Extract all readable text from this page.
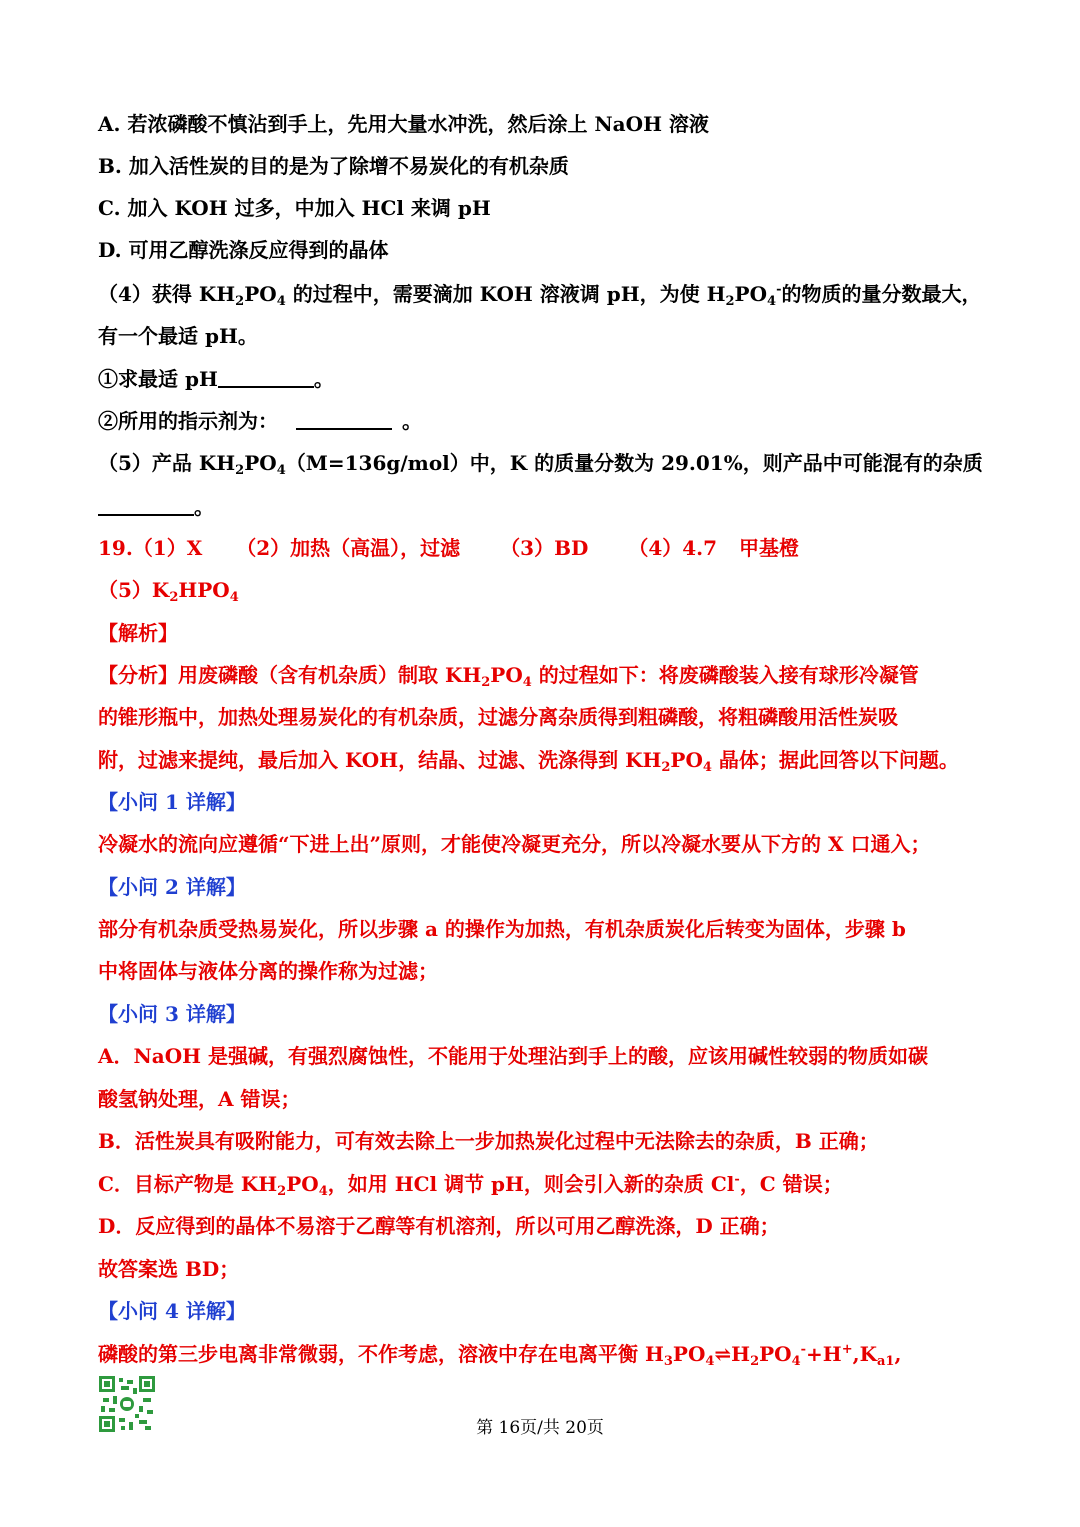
A. 若浓磷酸不慎沾到手上，先用大量水冲洗，然后涂上 NaOH 溶液
B. 加入活性炭的目的是为了除增不易炭化的有机杂质
C. 加入 KOH 过多，中加入 HCl 来调 pH
D. 可用乙醇洗涤反应得到的晶体
（4）获得 $KH_2PO_4$ 的过程中，需要滴加 KOH 溶液调 pH，为使 $H_2PO_4^-$的物质的量分数最大，
有一个最适 pH。
①求最适 pH	。
②所用的指示剂为：	。
（5）产品 $KH_2PO_4(M=136g/mol)$中，K 的质量分数为 29.01%，则产品中可能混有的杂质
。
19.（1）X （2）加热（高温），过滤 （3）BD （4）4.7 甲基橙
$(5)K_2HPO_4$
【解析】
【分析】用废磷酸（含有机杂质）制取 $KH_2PO_4$ 的过程如下：将废磷酸装入接有球形冷凝管
的锥形瓶中，加热处理易炭化的有机杂质，过滤分离杂质得到粗磷酸，将粗磷酸用活性炭吸
附，过滤来提纯，最后加入 KOH，结晶、过滤、洗涤得到 $KH_2PO_4$ 晶体；据此回答以下问题。
【小问 1 详解】
冷凝水的流向应遵循“下进上出”原则，才能使冷凝更充分，所以冷凝水要从下方的 X 口通入；
【小问 2 详解】
部分有机杂质受热易炭化，所以步骤 a 的操作为加热，有机杂质炭化后转变为固体，步骤 b
中将固体与液体分离的操作称为过滤；
【小问 3 详解】
A．NaOH 是强碱，有强烈腐蚀性，不能用于处理沾到手上的酸，应该用碱性较弱的物质如碳
酸氢钠处理，A 错误；
B．活性炭具有吸附能力，可有效去除上一步加热炭化过程中无法除去的杂质，B 正确；
C．目标产物是 $KH_2PO_4$，如用 HCl 调节 pH，则会引入新的杂质 Cl-，C 错误；
D．反应得到的晶体不易溶于乙醇等有机溶剂，所以可用乙醇洗涤，D 正确；
故答案选 BD；
【小问 4 详解】
磷酸的第三步电离非常微弱，不作考虑，溶液中存在电离平衡 $H_3PO_4\rightleftharpoons H_2PO_4^-+H^+,K_{a1}$,
第 16页/共 20页
